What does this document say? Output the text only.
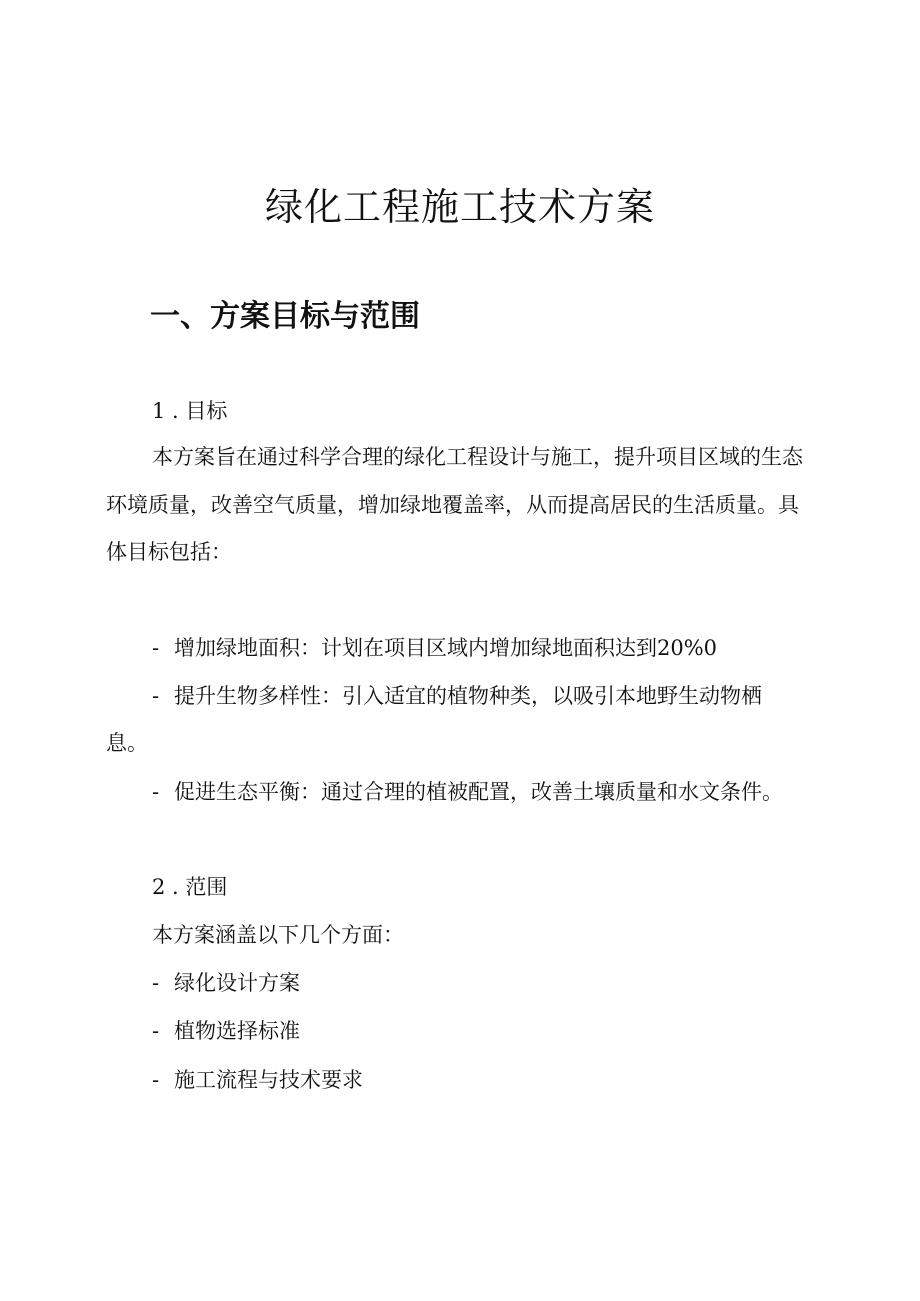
绿化工程施工技术方案
一、方案目标与范围

1 . 目标

本方案旨在通过科学合理的绿化工程设计与施工，提升项目区域的生态

环境质量，改善空气质量，增加绿地覆盖率，从而提高居民的生活质量。具

体目标包括：

- 增加绿地面积：计划在项目区域内增加绿地面积达到20%0

- 提升生物多样性：引入适宜的植物种类，以吸引本地野生动物栖

息。

- 促进生态平衡：通过合理的植被配置，改善土壤质量和水文条件。

2 . 范围

本方案涵盖以下几个方面：

- 绿化设计方案

- 植物选择标准

- 施工流程与技术要求
